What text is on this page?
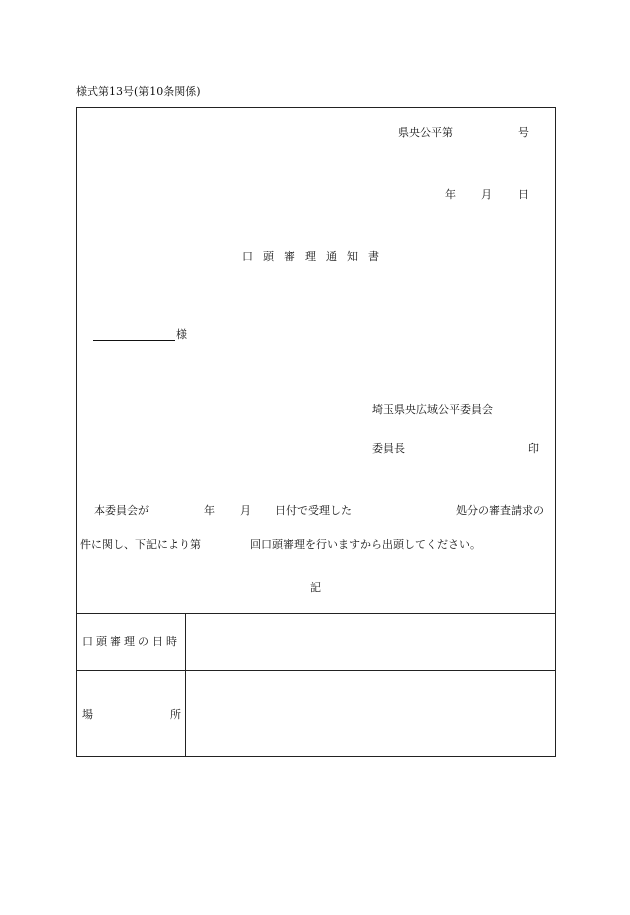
様式第13号(第10条関係)
県央公平第	号
年 月 日
口頭審理通知書
様
埼玉県央広域公平委員会
委員長	印
本委員会が	年 月 日付で受理した	処分の審査請求の
件に関し、下記により第	回口頭審理を行いますから出頭してください。
記
口頭審理の日時
場	所
